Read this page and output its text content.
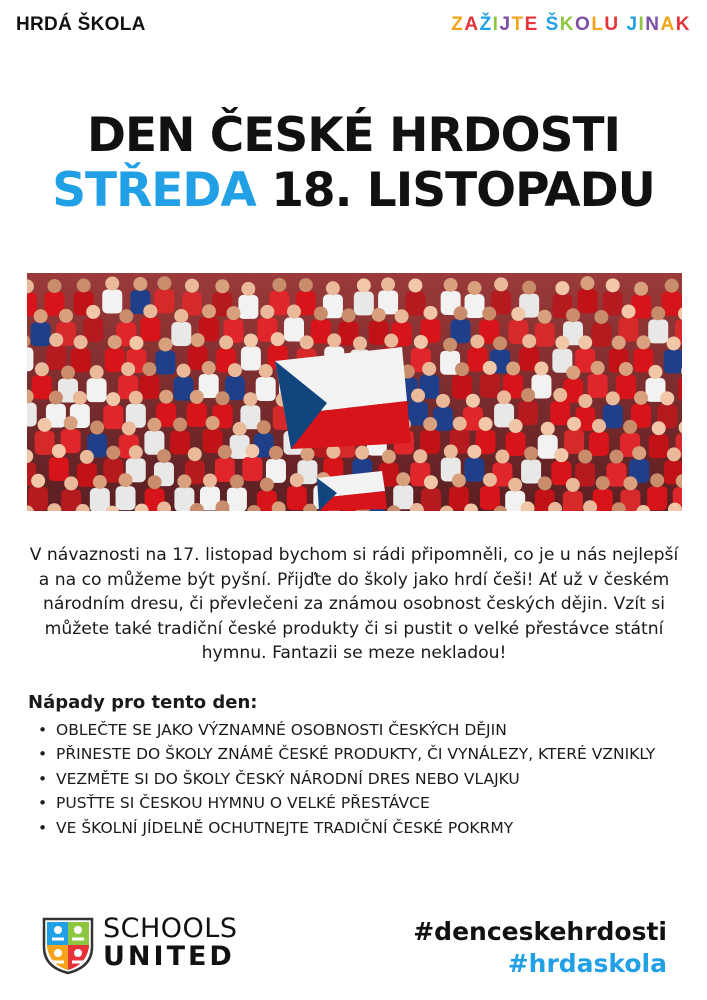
HRDÁ ŠKOLA	ZAŽIJTE ŠKOLU JINAK
DEN ČESKÉ HRDOSTI
STŘEDA 18. LISTOPADU
V návaznosti na 17. listopad bychom si rádi připomněli, co je u nás nejlepší a na co můžeme být pyšní. Přijďte do školy jako hrdí češi! Ať už v českém národním dresu, či převlečeni za známou osobnost českých dějin. Vzít si můžete také tradiční české produkty či si pustit o velké přestávce státní hymnu. Fantazii se meze nekladou!
Nápady pro tento den:
• OBLEČTE SE JAKO VÝZNAMNÉ OSOBNOSTI ČESKÝCH DĚJIN
• PŘINESTE DO ŠKOLY ZNÁMÉ ČESKÉ PRODUKTY, ČI VYNÁLEZY, KTERÉ VZNIKLY
• VEZMĚTE SI DO ŠKOLY ČESKÝ NÁRODNÍ DRES NEBO VLAJKU
• PUSŤTE SI ČESKOU HYMNU O VELKÉ PŘESTÁVCE
• VE ŠKOLNÍ JÍDELNĚ OCHUTNEJTE TRADIČNÍ ČESKÉ POKRMY
SCHOOLS
UNITED
#denceskehrdosti
#hrdaskola
